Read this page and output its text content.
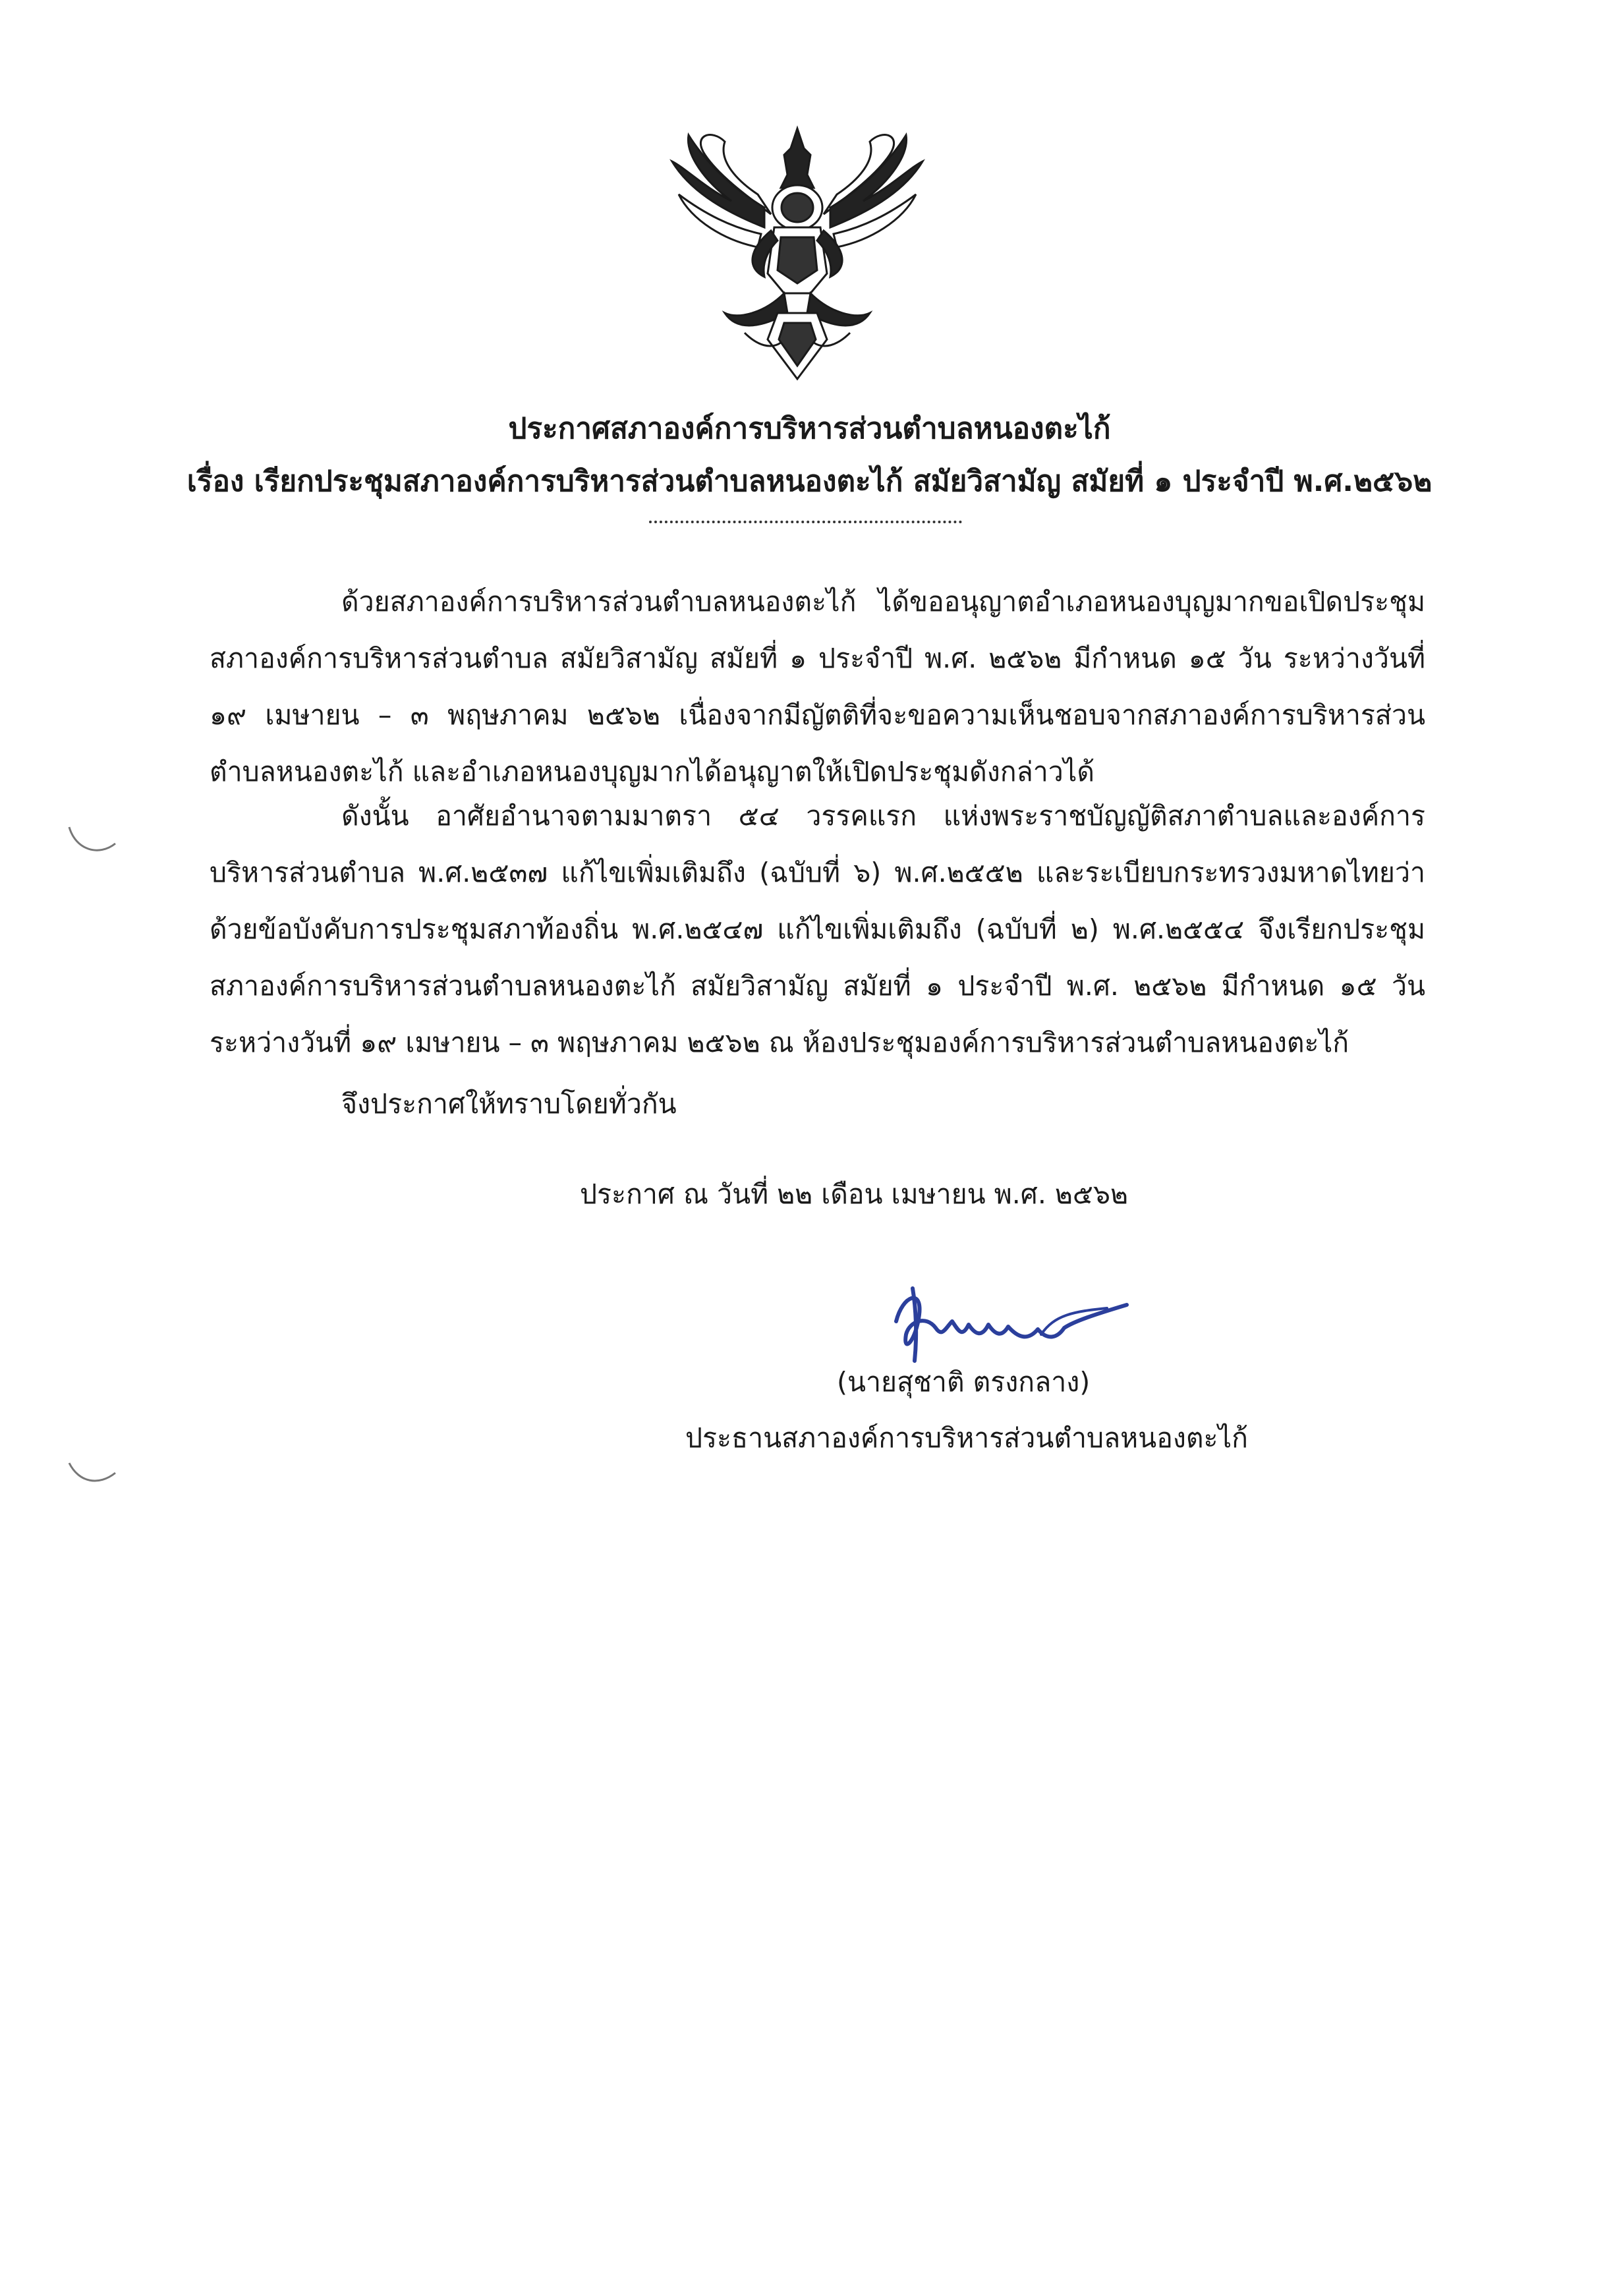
ประกาศสภาองค์การบริหารส่วนตำบลหนองตะไก้
เรื่อง เรียกประชุมสภาองค์การบริหารส่วนตำบลหนองตะไก้ สมัยวิสามัญ สมัยที่ ๑ ประจำปี พ.ศ.๒๕๖๒
ด้วยสภาองค์การบริหารส่วนตำบลหนองตะไก้ ได้ขออนุญาตอำเภอหนองบุญมากขอเปิดประชุมสภาองค์การบริหารส่วนตำบล สมัยวิสามัญ สมัยที่ ๑ ประจำปี พ.ศ. ๒๕๖๒ มีกำหนด ๑๕ วัน ระหว่างวันที่ ๑๙ เมษายน – ๓ พฤษภาคม ๒๕๖๒ เนื่องจากมีญัตติที่จะขอความเห็นชอบจากสภาองค์การบริหารส่วนตำบลหนองตะไก้ และอำเภอหนองบุญมากได้อนุญาตให้เปิดประชุมดังกล่าวได้
ดังนั้น อาศัยอำนาจตามมาตรา ๕๔ วรรคแรก แห่งพระราชบัญญัติสภาตำบลและองค์การบริหารส่วนตำบล พ.ศ.๒๕๓๗ แก้ไขเพิ่มเติมถึง (ฉบับที่ ๖) พ.ศ.๒๕๕๒ และระเบียบกระทรวงมหาดไทยว่าด้วยข้อบังคับการประชุมสภาท้องถิ่น พ.ศ.๒๕๔๗ แก้ไขเพิ่มเติมถึง (ฉบับที่ ๒) พ.ศ.๒๕๕๔ จึงเรียกประชุมสภาองค์การบริหารส่วนตำบลหนองตะไก้ สมัยวิสามัญ สมัยที่ ๑ ประจำปี พ.ศ. ๒๕๖๒ มีกำหนด ๑๕ วัน ระหว่างวันที่ ๑๙ เมษายน – ๓ พฤษภาคม ๒๕๖๒ ณ ห้องประชุมองค์การบริหารส่วนตำบลหนองตะไก้
จึงประกาศให้ทราบโดยทั่วกัน
ประกาศ ณ วันที่ ๒๒ เดือน เมษายน พ.ศ. ๒๕๖๒
(นายสุชาติ ตรงกลาง)
ประธานสภาองค์การบริหารส่วนตำบลหนองตะไก้
